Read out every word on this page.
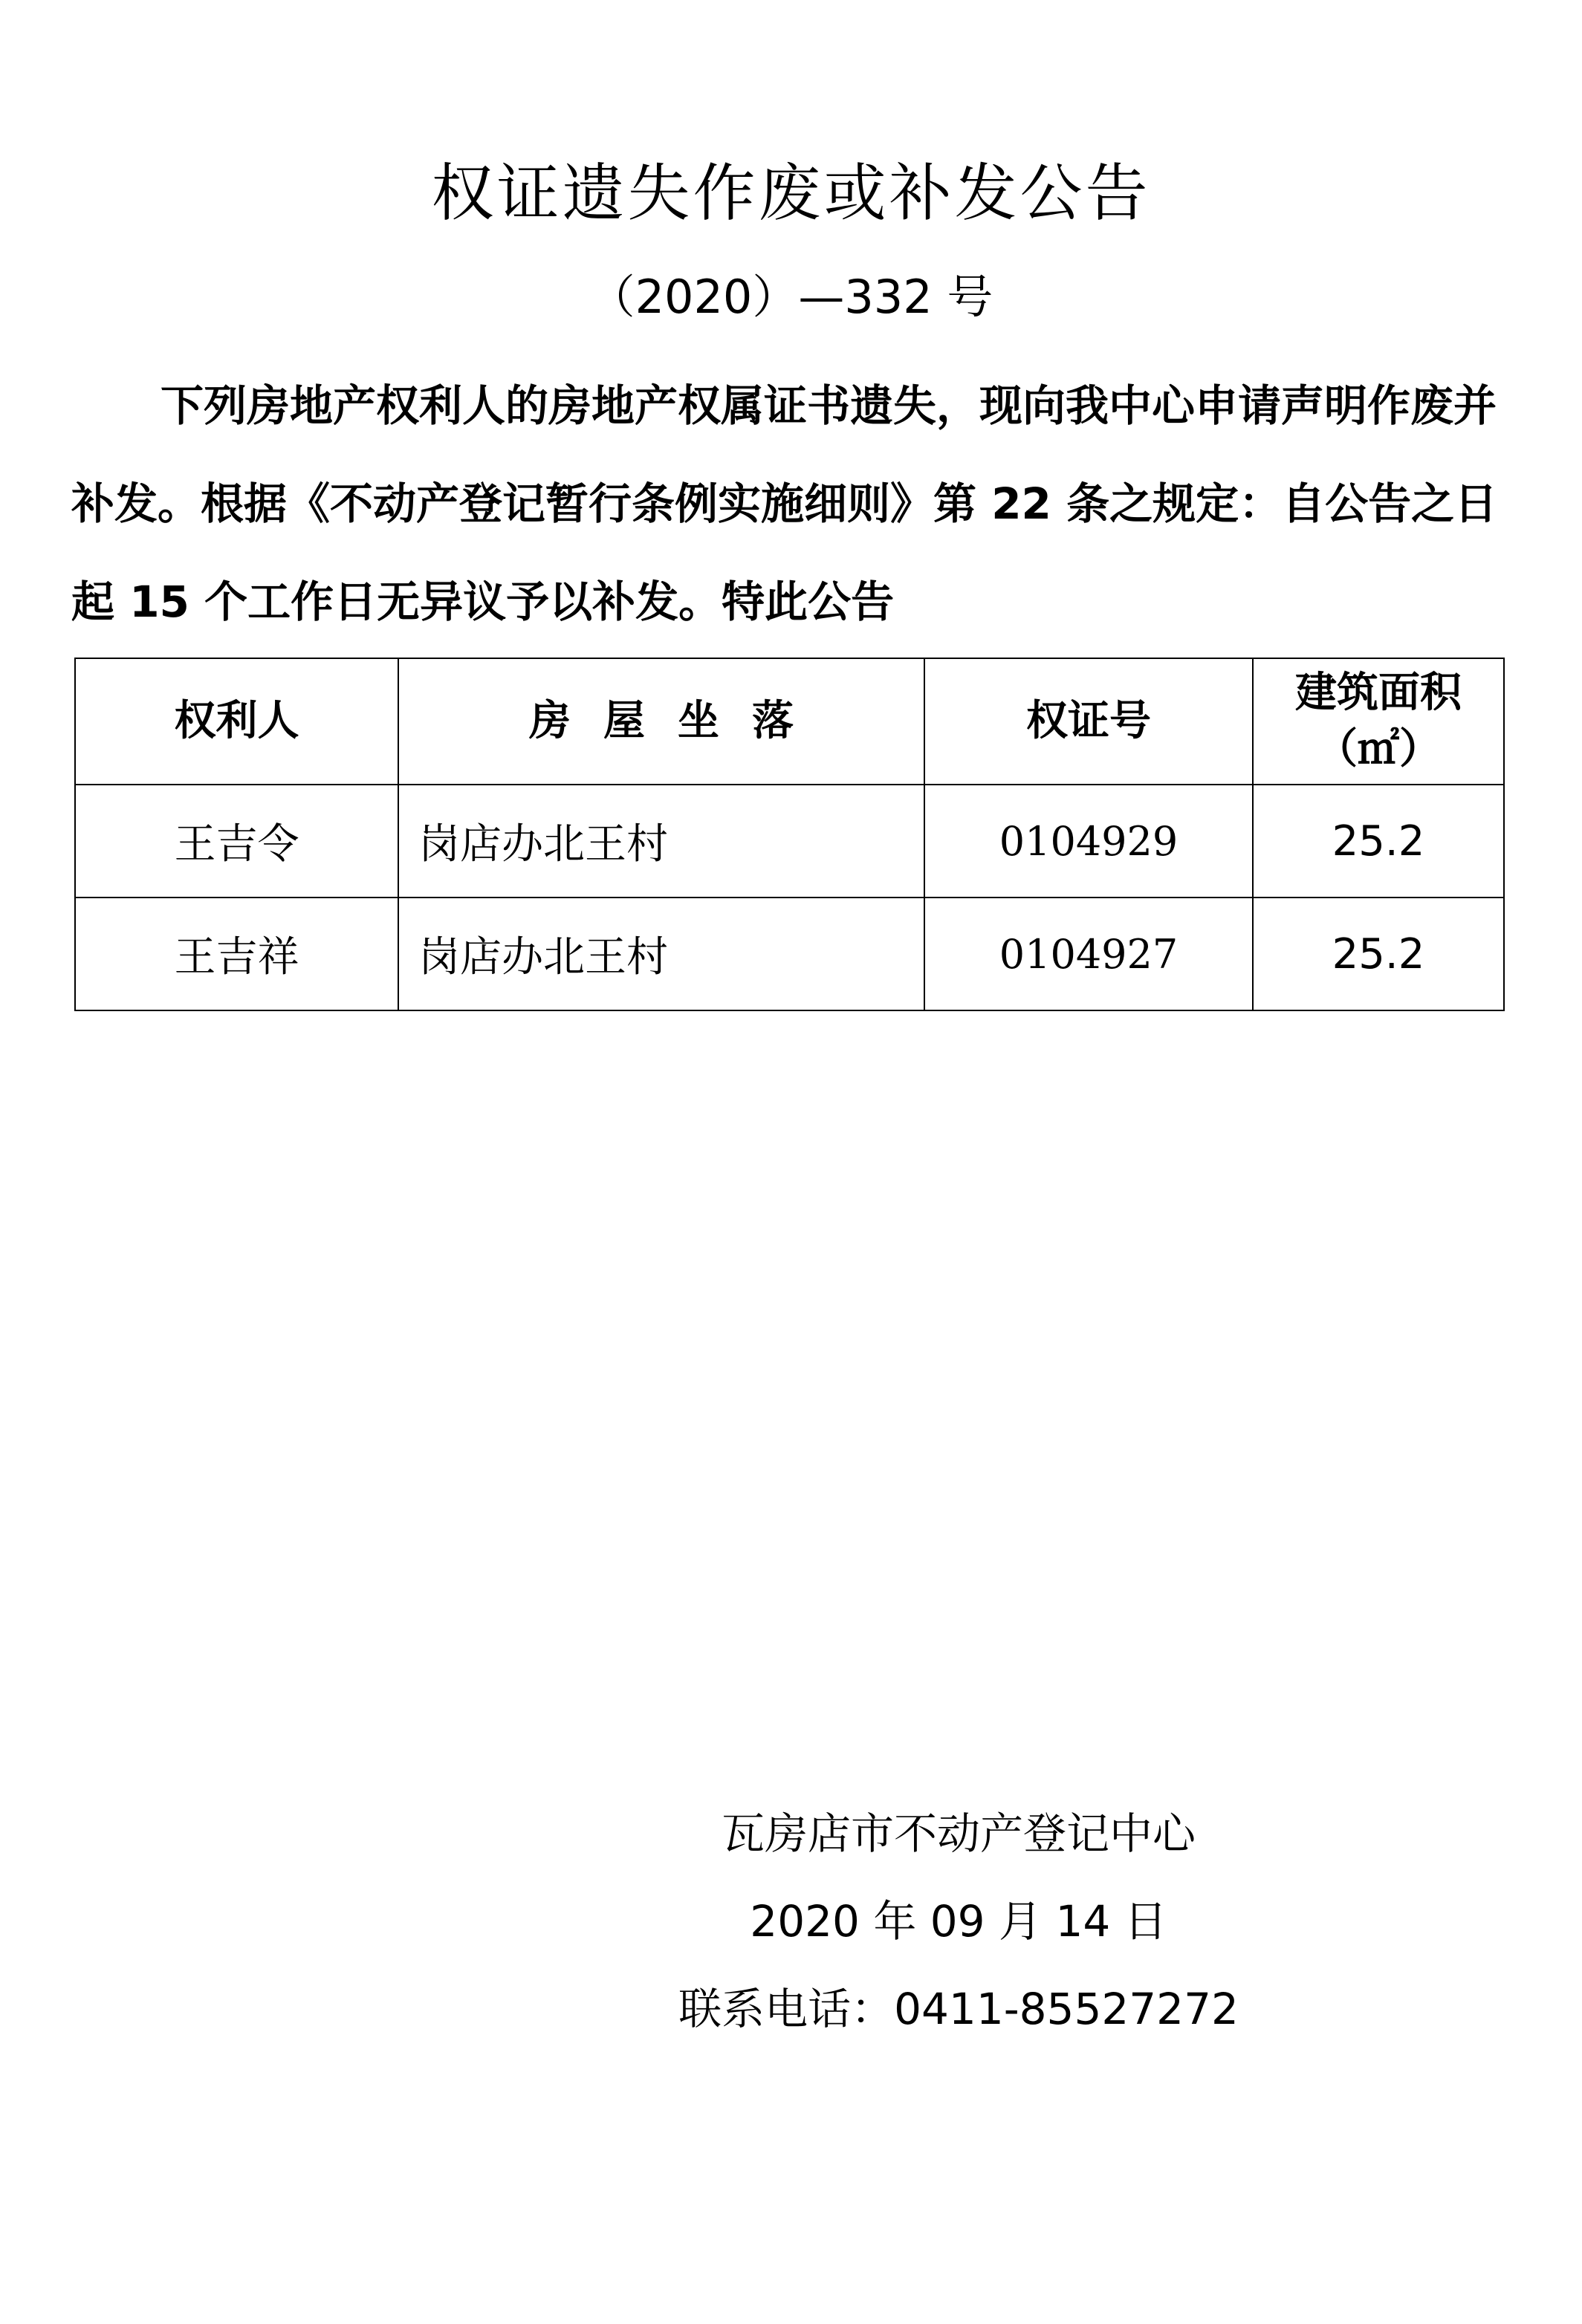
权证遗失作废或补发公告
（2020）—332 号

下列房地产权利人的房地产权属证书遗失，现向我中心申请声明作废并补发。根据《不动产登记暂行条例实施细则》第 22 条之规定：自公告之日起 15 个工作日无异议予以补发。特此公告

权利人	房屋坐落	权证号	建筑面积
（㎡）

王吉令	岗店办北王村	0104929	25.2
王吉祥	岗店办北王村	0104927	25.2
瓦房店市不动产登记中心
2020 年 09 月 14 日
联系电话：0411-85527272
